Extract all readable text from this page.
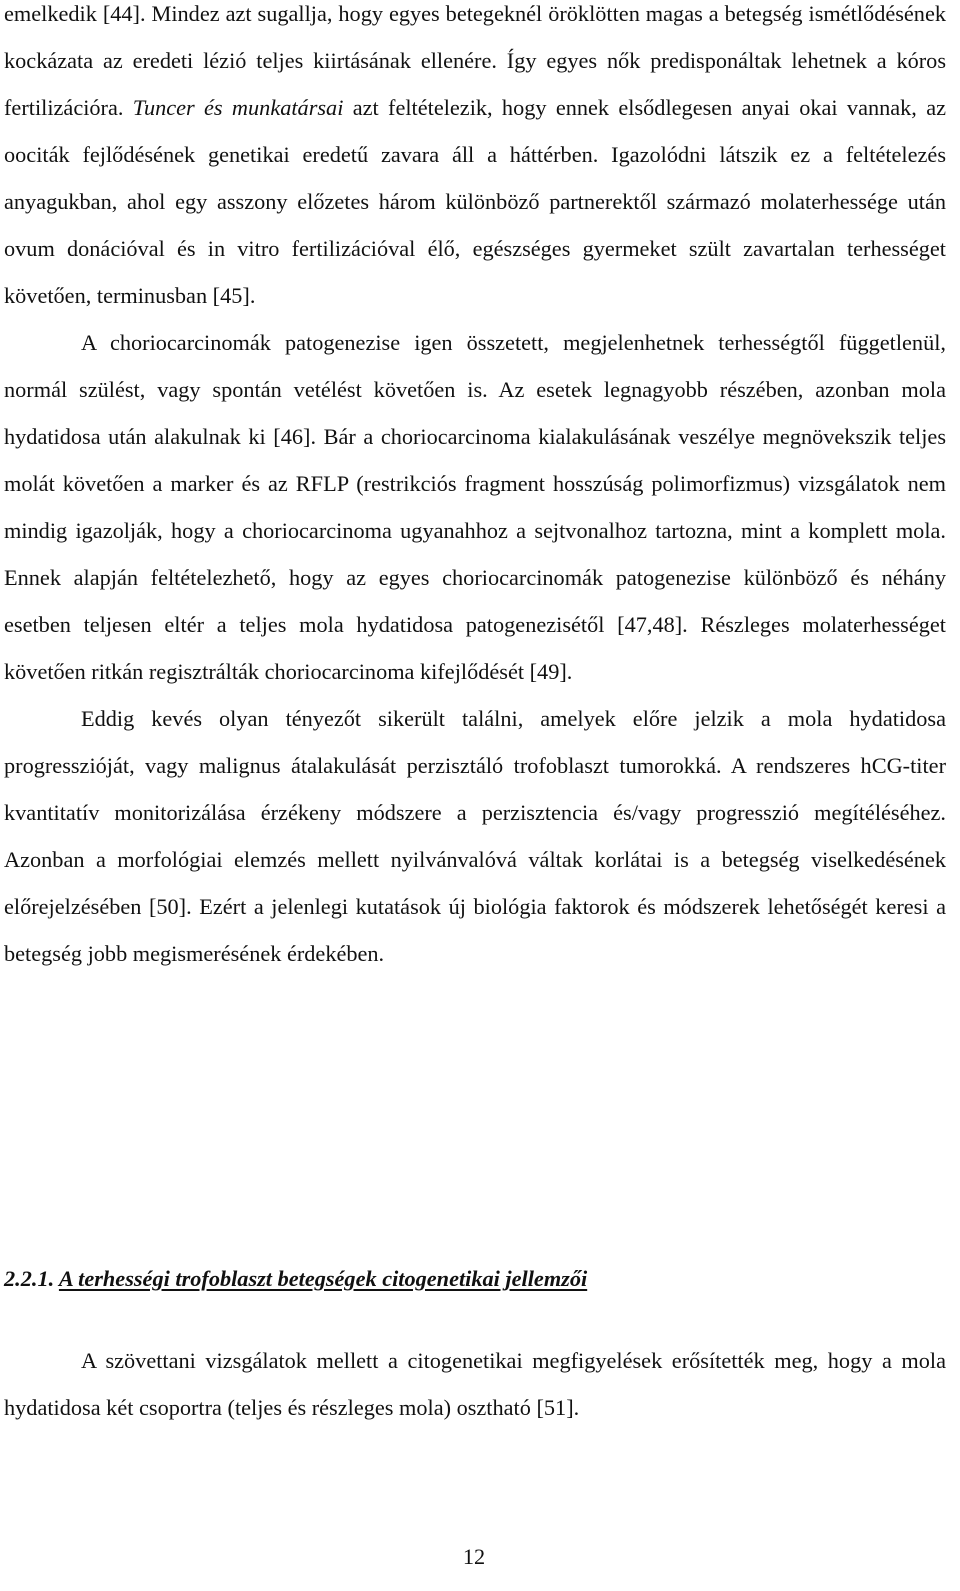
emelkedik [44]. Mindez azt sugallja, hogy egyes betegeknél öröklötten magas a betegség ismétlődésének kockázata az eredeti lézió teljes kiirtásának ellenére. Így egyes nők predisponáltak lehetnek a kóros fertilizációra. Tuncer és munkatársai azt feltételezik, hogy ennek elsődlegesen anyai okai vannak, az oociták fejlődésének genetikai eredetű zavara áll a háttérben. Igazolódni látszik ez a feltételezés anyagukban, ahol egy asszony előzetes három különböző partnerektől származó molaterhessége után ovum donációval és in vitro fertilizációval élő, egészséges gyermeket szült zavartalan terhességet követően, terminusban [45].

A choriocarcinomák patogenezise igen összetett, megjelenhetnek terhességtől függetlenül, normál szülést, vagy spontán vetélést követően is. Az esetek legnagyobb részében, azonban mola hydatidosa után alakulnak ki [46]. Bár a choriocarcinoma kialakulásának veszélye megnövekszik teljes molát követően a marker és az RFLP (restrikciós fragment hosszúság polimorfizmus) vizsgálatok nem mindig igazolják, hogy a choriocarcinoma ugyanahhoz a sejtvonalhoz tartozna, mint a komplett mola. Ennek alapján feltételezhető, hogy az egyes choriocarcinomák patogenezise különböző és néhány esetben teljesen eltér a teljes mola hydatidosa patogenezisétől [47,48]. Részleges molaterhességet követően ritkán regisztrálták choriocarcinoma kifejlődését [49].

Eddig kevés olyan tényezőt sikerült találni, amelyek előre jelzik a mola hydatidosa progresszióját, vagy malignus átalakulását perzisztáló trofoblaszt tumorokká. A rendszeres hCG-titer kvantitatív monitorizálása érzékeny módszere a perzisztencia és/vagy progresszió megítéléséhez. Azonban a morfológiai elemzés mellett nyilvánvalóvá váltak korlátai is a betegség viselkedésének előrejelzésében [50]. Ezért a jelenlegi kutatások új biológia faktorok és módszerek lehetőségét keresi a betegség jobb megismerésének érdekében.

2.2.1. A terhességi trofoblaszt betegségek citogenetikai jellemzői

A szövettani vizsgálatok mellett a citogenetikai megfigyelések erősítették meg, hogy a mola hydatidosa két csoportra (teljes és részleges mola) osztható [51].

12
